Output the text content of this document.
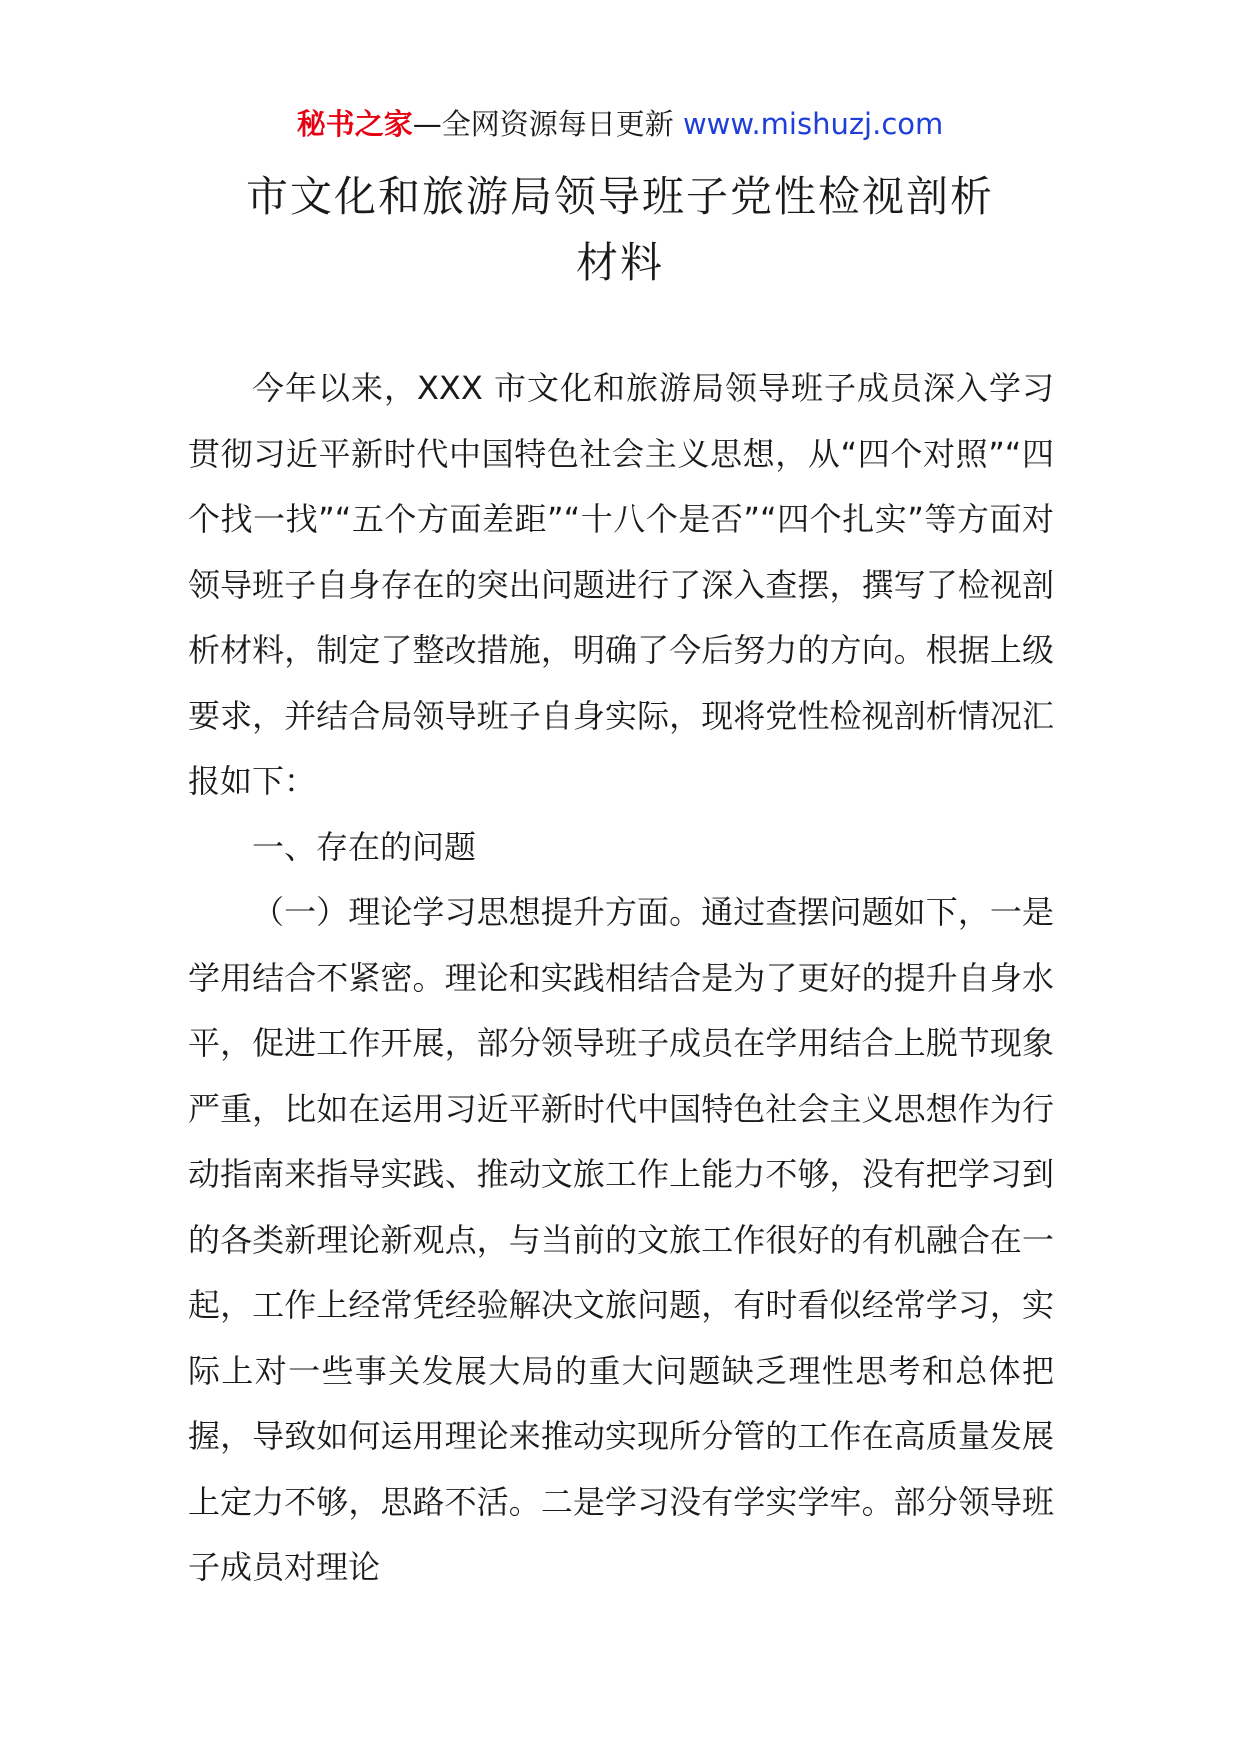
秘书之家—全网资源每日更新 www.mishuzj.com
市文化和旅游局领导班子党性检视剖析
材料

今年以来，XXX 市文化和旅游局领导班子成员深入学习贯彻习近平新时代中国特色社会主义思想，从“四个对照”“四个找一找”“五个方面差距”“十八个是否”“四个扎实”等方面对领导班子自身存在的突出问题进行了深入查摆，撰写了检视剖析材料，制定了整改措施，明确了今后努力的方向。根据上级要求，并结合局领导班子自身实际，现将党性检视剖析情况汇报如下：

一、存在的问题

（一）理论学习思想提升方面。通过查摆问题如下，一是学用结合不紧密。理论和实践相结合是为了更好的提升自身水平，促进工作开展，部分领导班子成员在学用结合上脱节现象严重，比如在运用习近平新时代中国特色社会主义思想作为行动指南来指导实践、推动文旅工作上能力不够，没有把学习到的各类新理论新观点，与当前的文旅工作很好的有机融合在一起，工作上经常凭经验解决文旅问题，有时看似经常学习，实际上对一些事关发展大局的重大问题缺乏理性思考和总体把握，导致如何运用理论来推动实现所分管的工作在高质量发展上定力不够，思路不活。二是学习没有学实学牢。部分领导班子成员对理论
